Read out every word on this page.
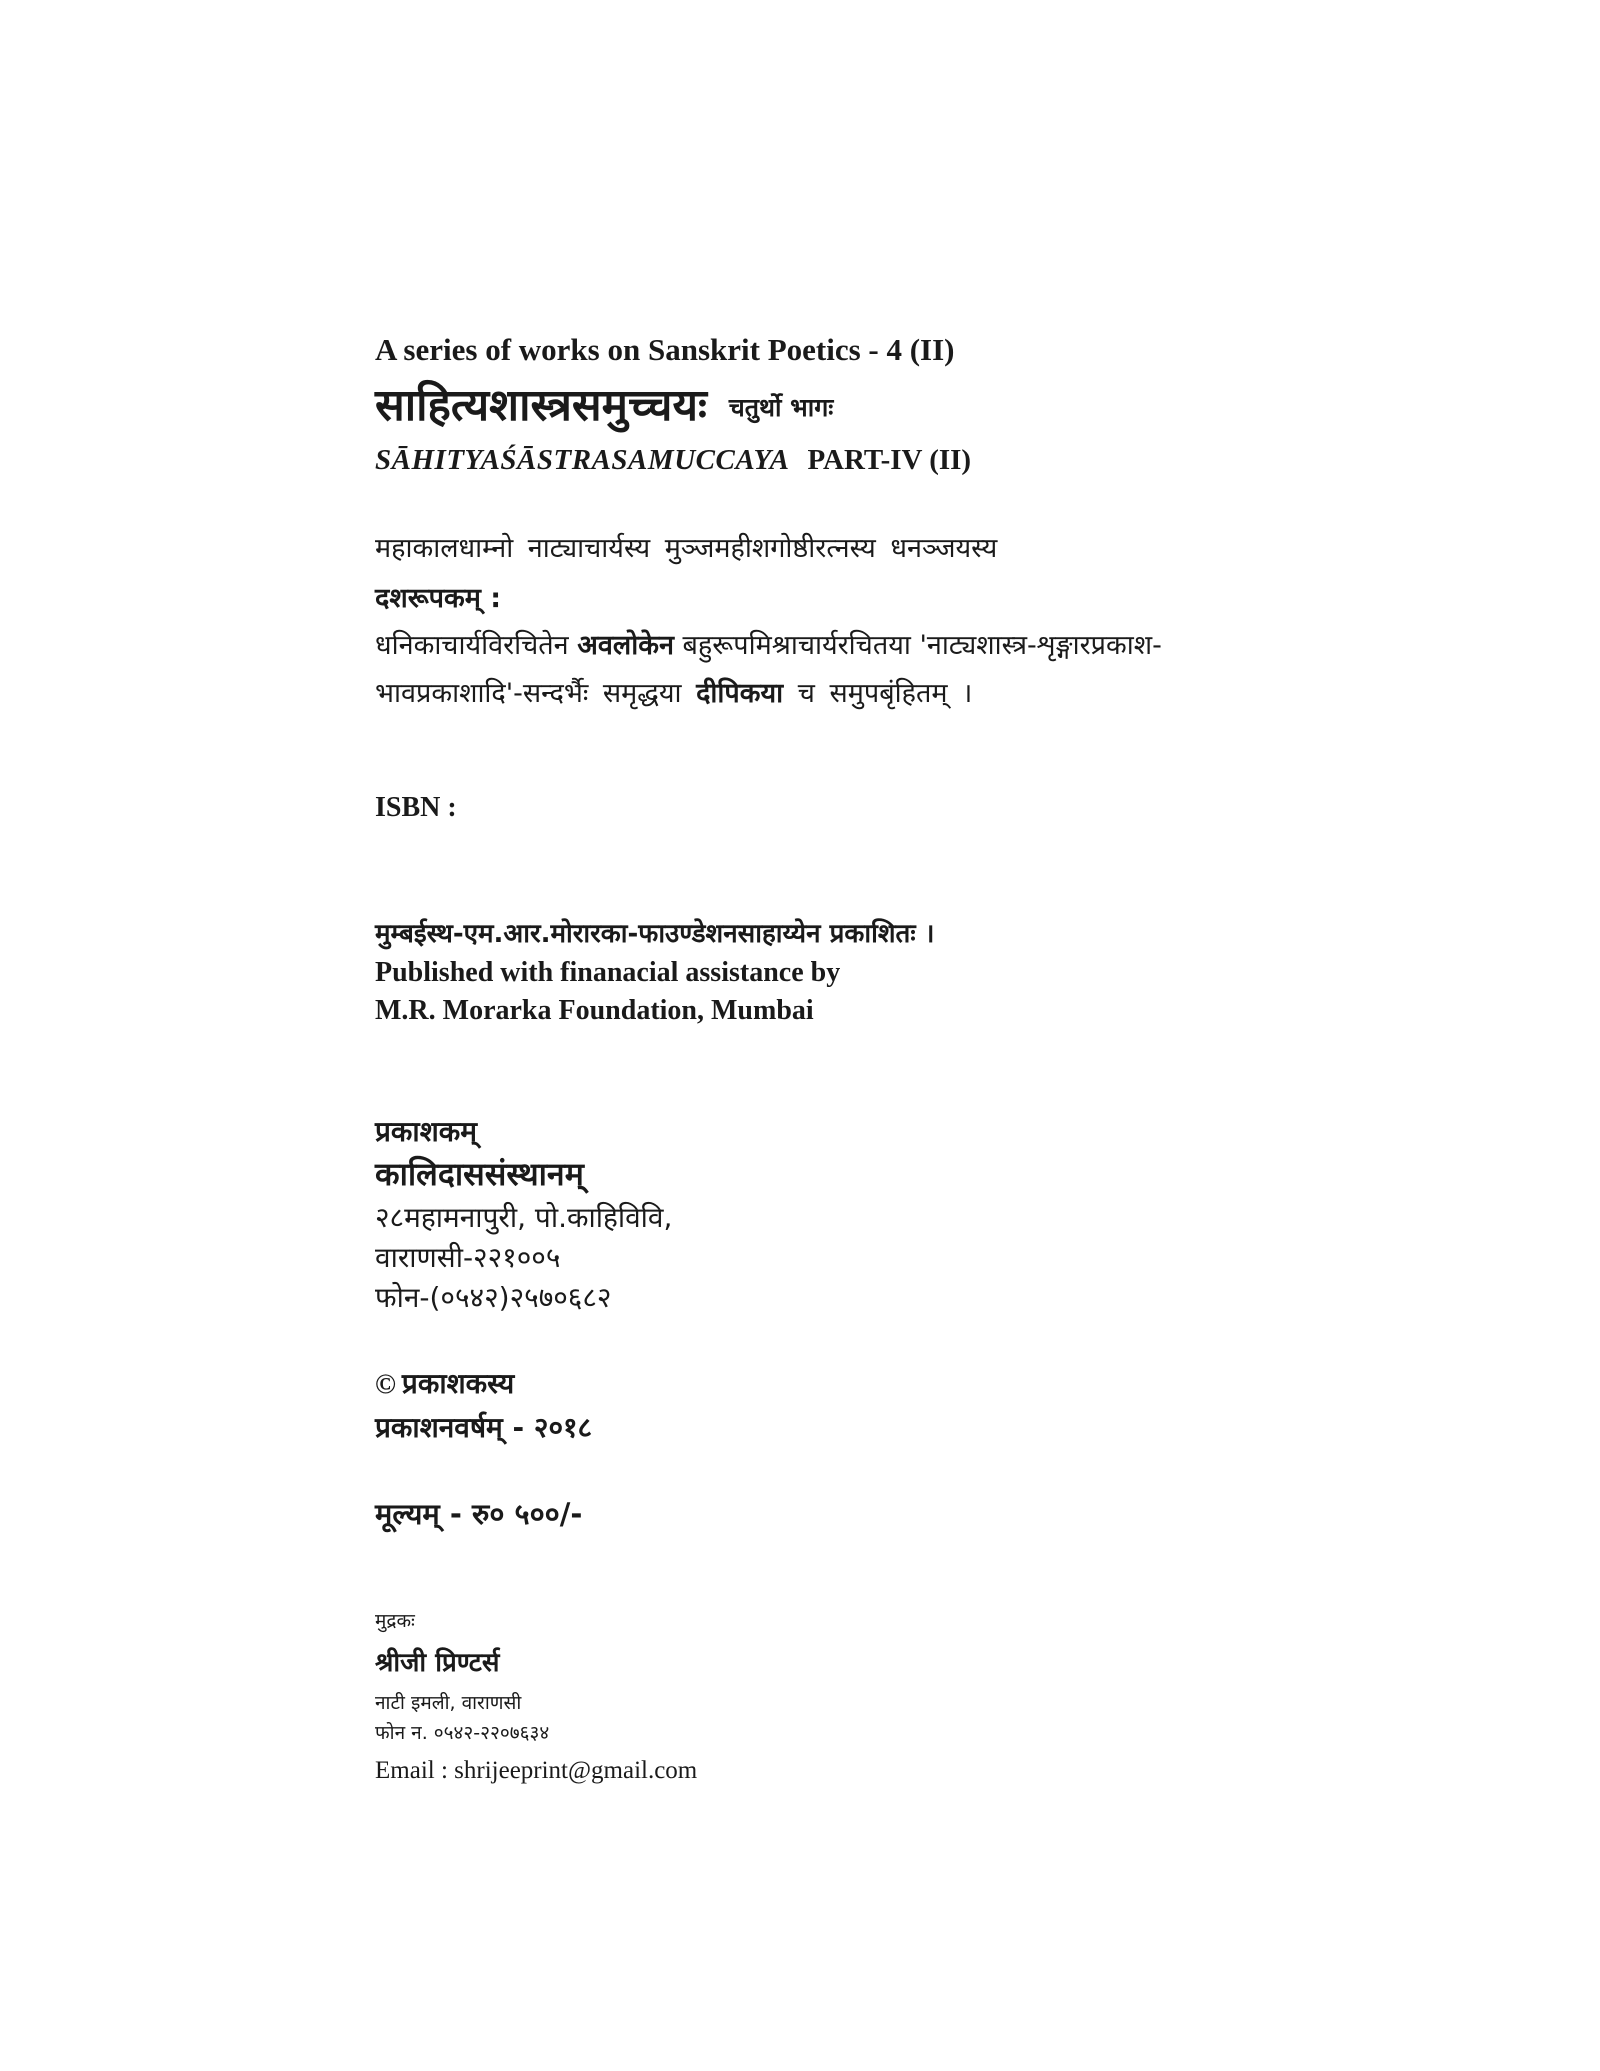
A series of works on Sanskrit Poetics - 4 (II)
साहित्यशास्त्रसमुच्चयः चतुर्थो भागः
SĀHITYAŚĀSTRASAMUCCAYA PART-IV (II)
महाकालधाम्नो नाट्याचार्यस्य मुञ्जमहीशगोष्ठीरत्नस्य धनञ्जयस्य
दशरूपकम् :
धनिकाचार्यविरचितेन अवलोकेन बहुरूपमिश्राचार्यरचितया 'नाट्यशास्त्र-शृङ्गारप्रकाश-
भावप्रकाशादि'-सन्दर्भैः समृद्धया दीपिकया च समुपबृंहितम् ।
ISBN :
मुम्बईस्थ-एम.आर.मोरारका-फाउण्डेशनसाहाय्येन प्रकाशितः ।
Published with finanacial assistance by
M.R. Morarka Foundation, Mumbai
प्रकाशकम्
कालिदाससंस्थानम्
२८महामनापुरी, पो.काहिविवि,
वाराणसी-२२१००५
फोन-(०५४२)२५७०६८२
© प्रकाशकस्य
प्रकाशनवर्षम् - २०१८
मूल्यम् - रु० ५००/-
मुद्रकः
श्रीजी प्रिण्टर्स
नाटी इमली, वाराणसी
फोन न. ०५४२-२२०७६३४
Email : shrijeeprint@gmail.com
